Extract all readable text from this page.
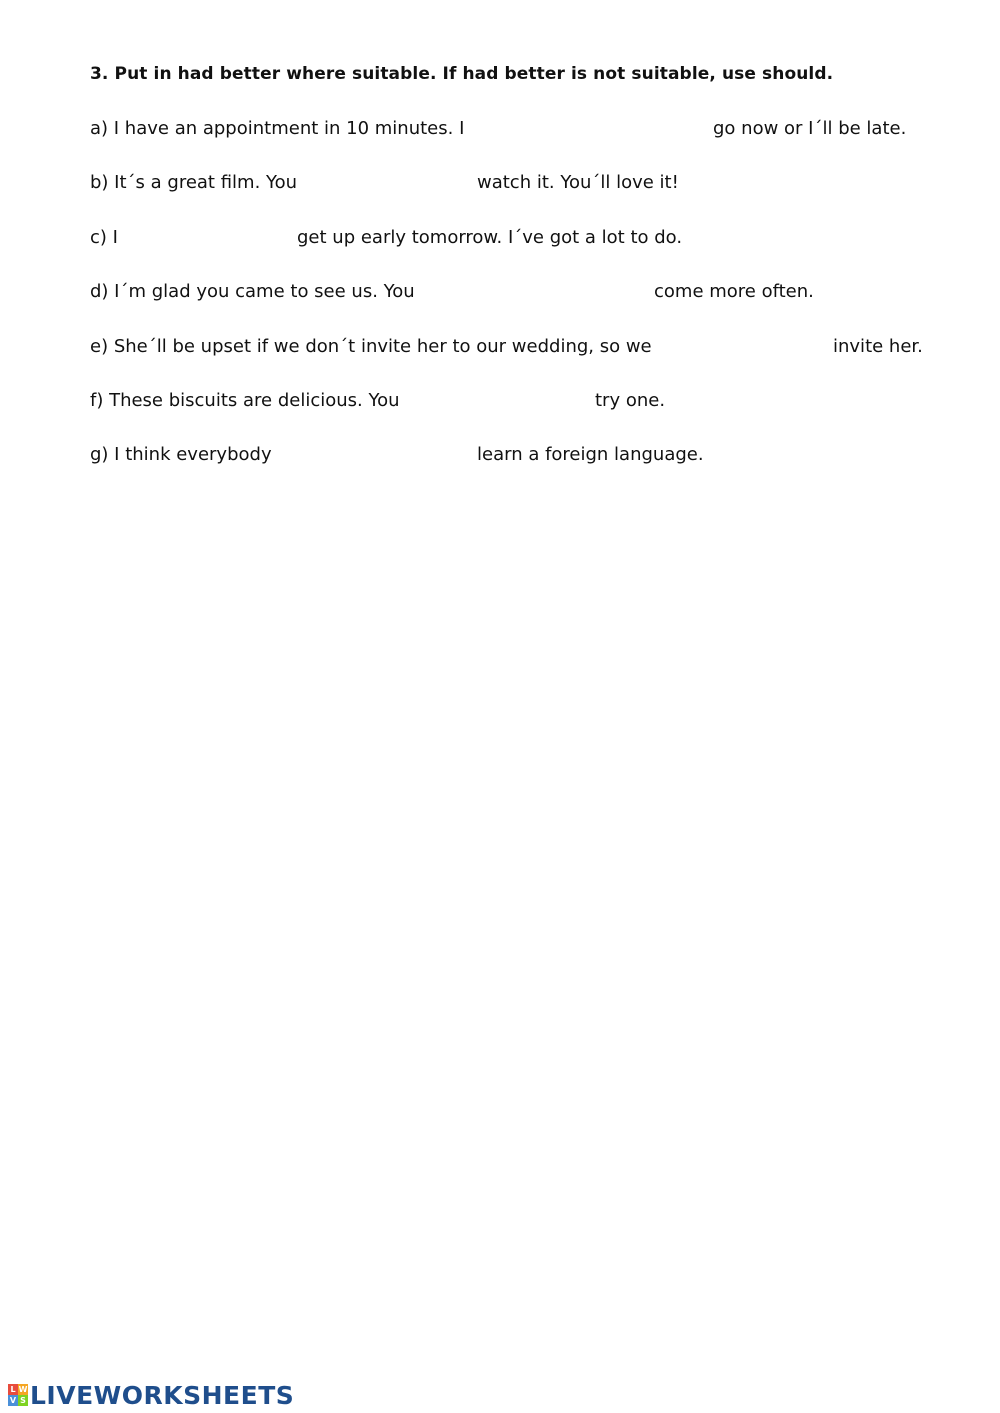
3. Put in had better where suitable. If had better is not suitable, use should.
a) I have an appointment in 10 minutes. I	go now or I´ll be late.
b) It´s a great film. You	watch it. You´ll love it!
c) I	get up early tomorrow. I´ve got a lot to do.
d) I´m glad you came to see us. You	come more often.
e) She´ll be upset if we don´t invite her to our wedding, so we	invite her.
f) These biscuits are delicious. You	try one.
g) I think everybody	learn a foreign language.
L W
V S LIVEWORKSHEETS
